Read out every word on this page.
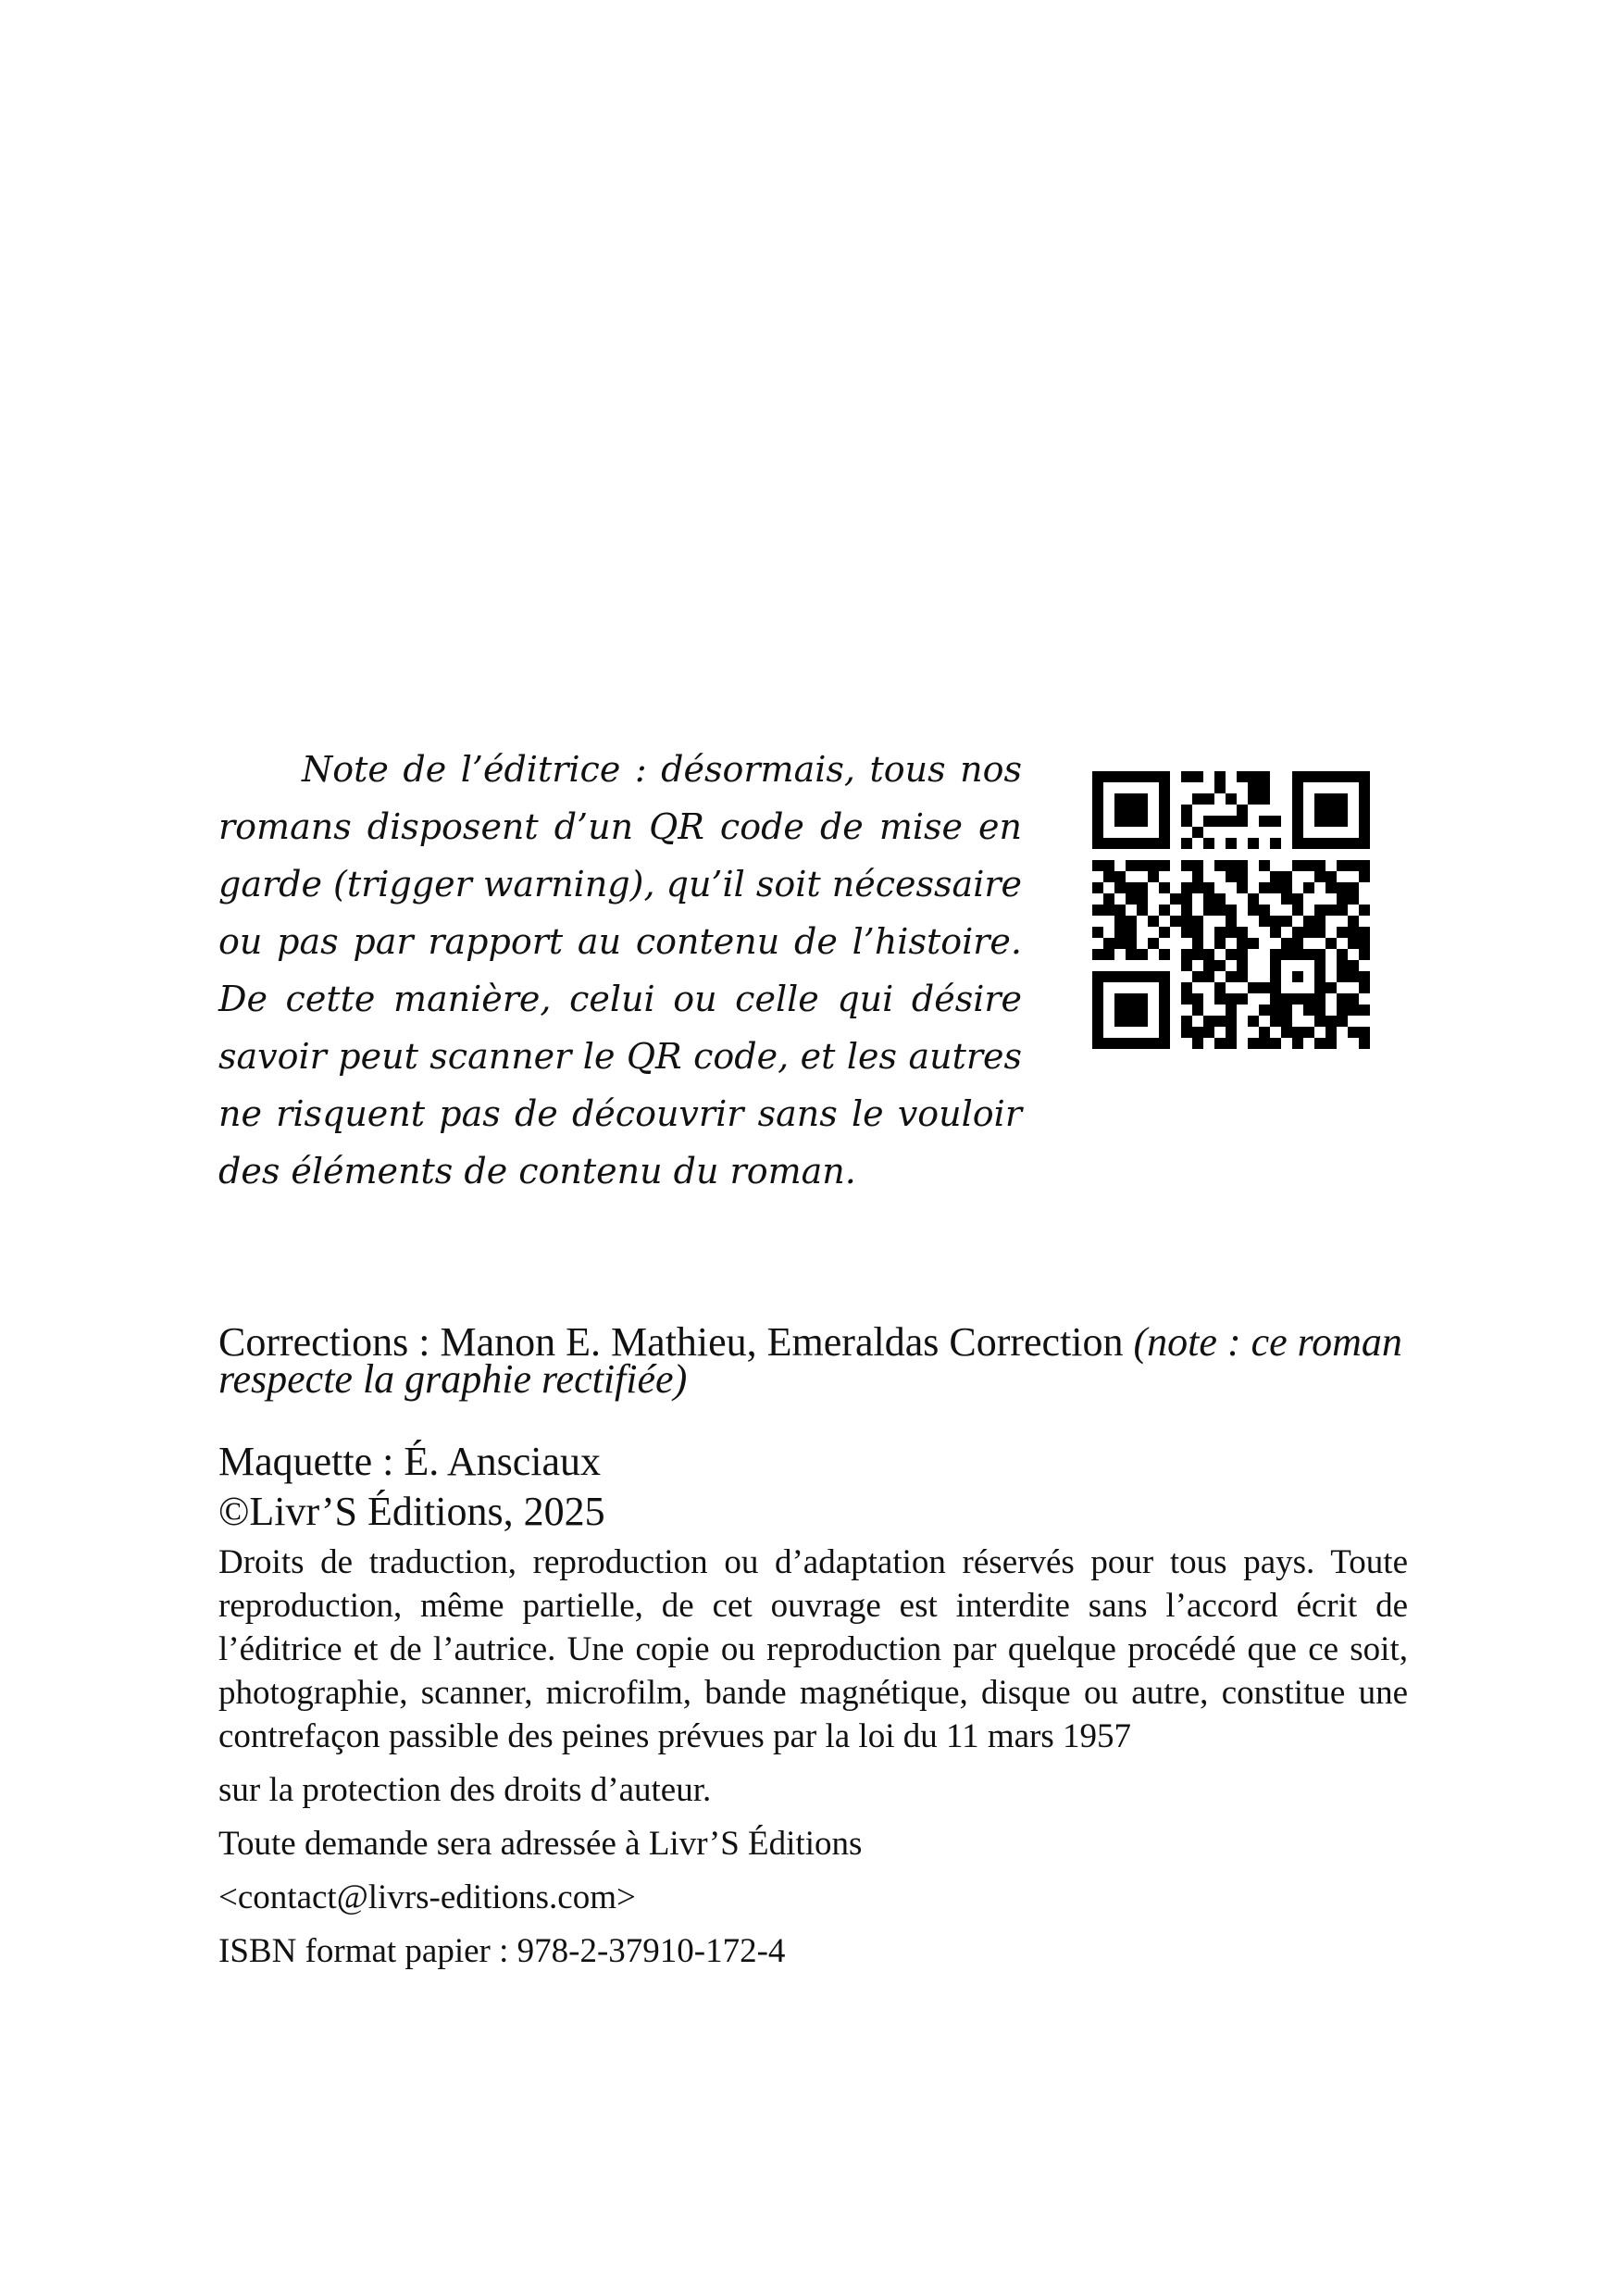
Note de l’éditrice : désormais, tous nos romans disposent d’un QR code de mise en garde (trigger warning), qu’il soit nécessaire ou pas par rapport au contenu de l’histoire. De cette manière, celui ou celle qui désire savoir peut scanner le QR code, et les autres ne risquent pas de découvrir sans le vouloir des éléments de contenu du roman.

Corrections : Manon E. Mathieu, Emeraldas Correction (note : ce roman respecte la graphie rectifiée)

Maquette : É. Ansciaux

©Livr’S Éditions, 2025

Droits de traduction, reproduction ou d’adaptation réservés pour tous pays. Toute reproduction, même partielle, de cet ouvrage est interdite sans l’accord écrit de l’éditrice et de l’autrice. Une copie ou reproduction par quelque procédé que ce soit, photographie, scanner, microfilm, bande magnétique, disque ou autre, constitue une contrefaçon passible des peines prévues par la loi du 11 mars 1957

sur la protection des droits d’auteur.

Toute demande sera adressée à Livr’S Éditions

<contact@livrs-editions.com>

ISBN format papier : 978-2-37910-172-4
